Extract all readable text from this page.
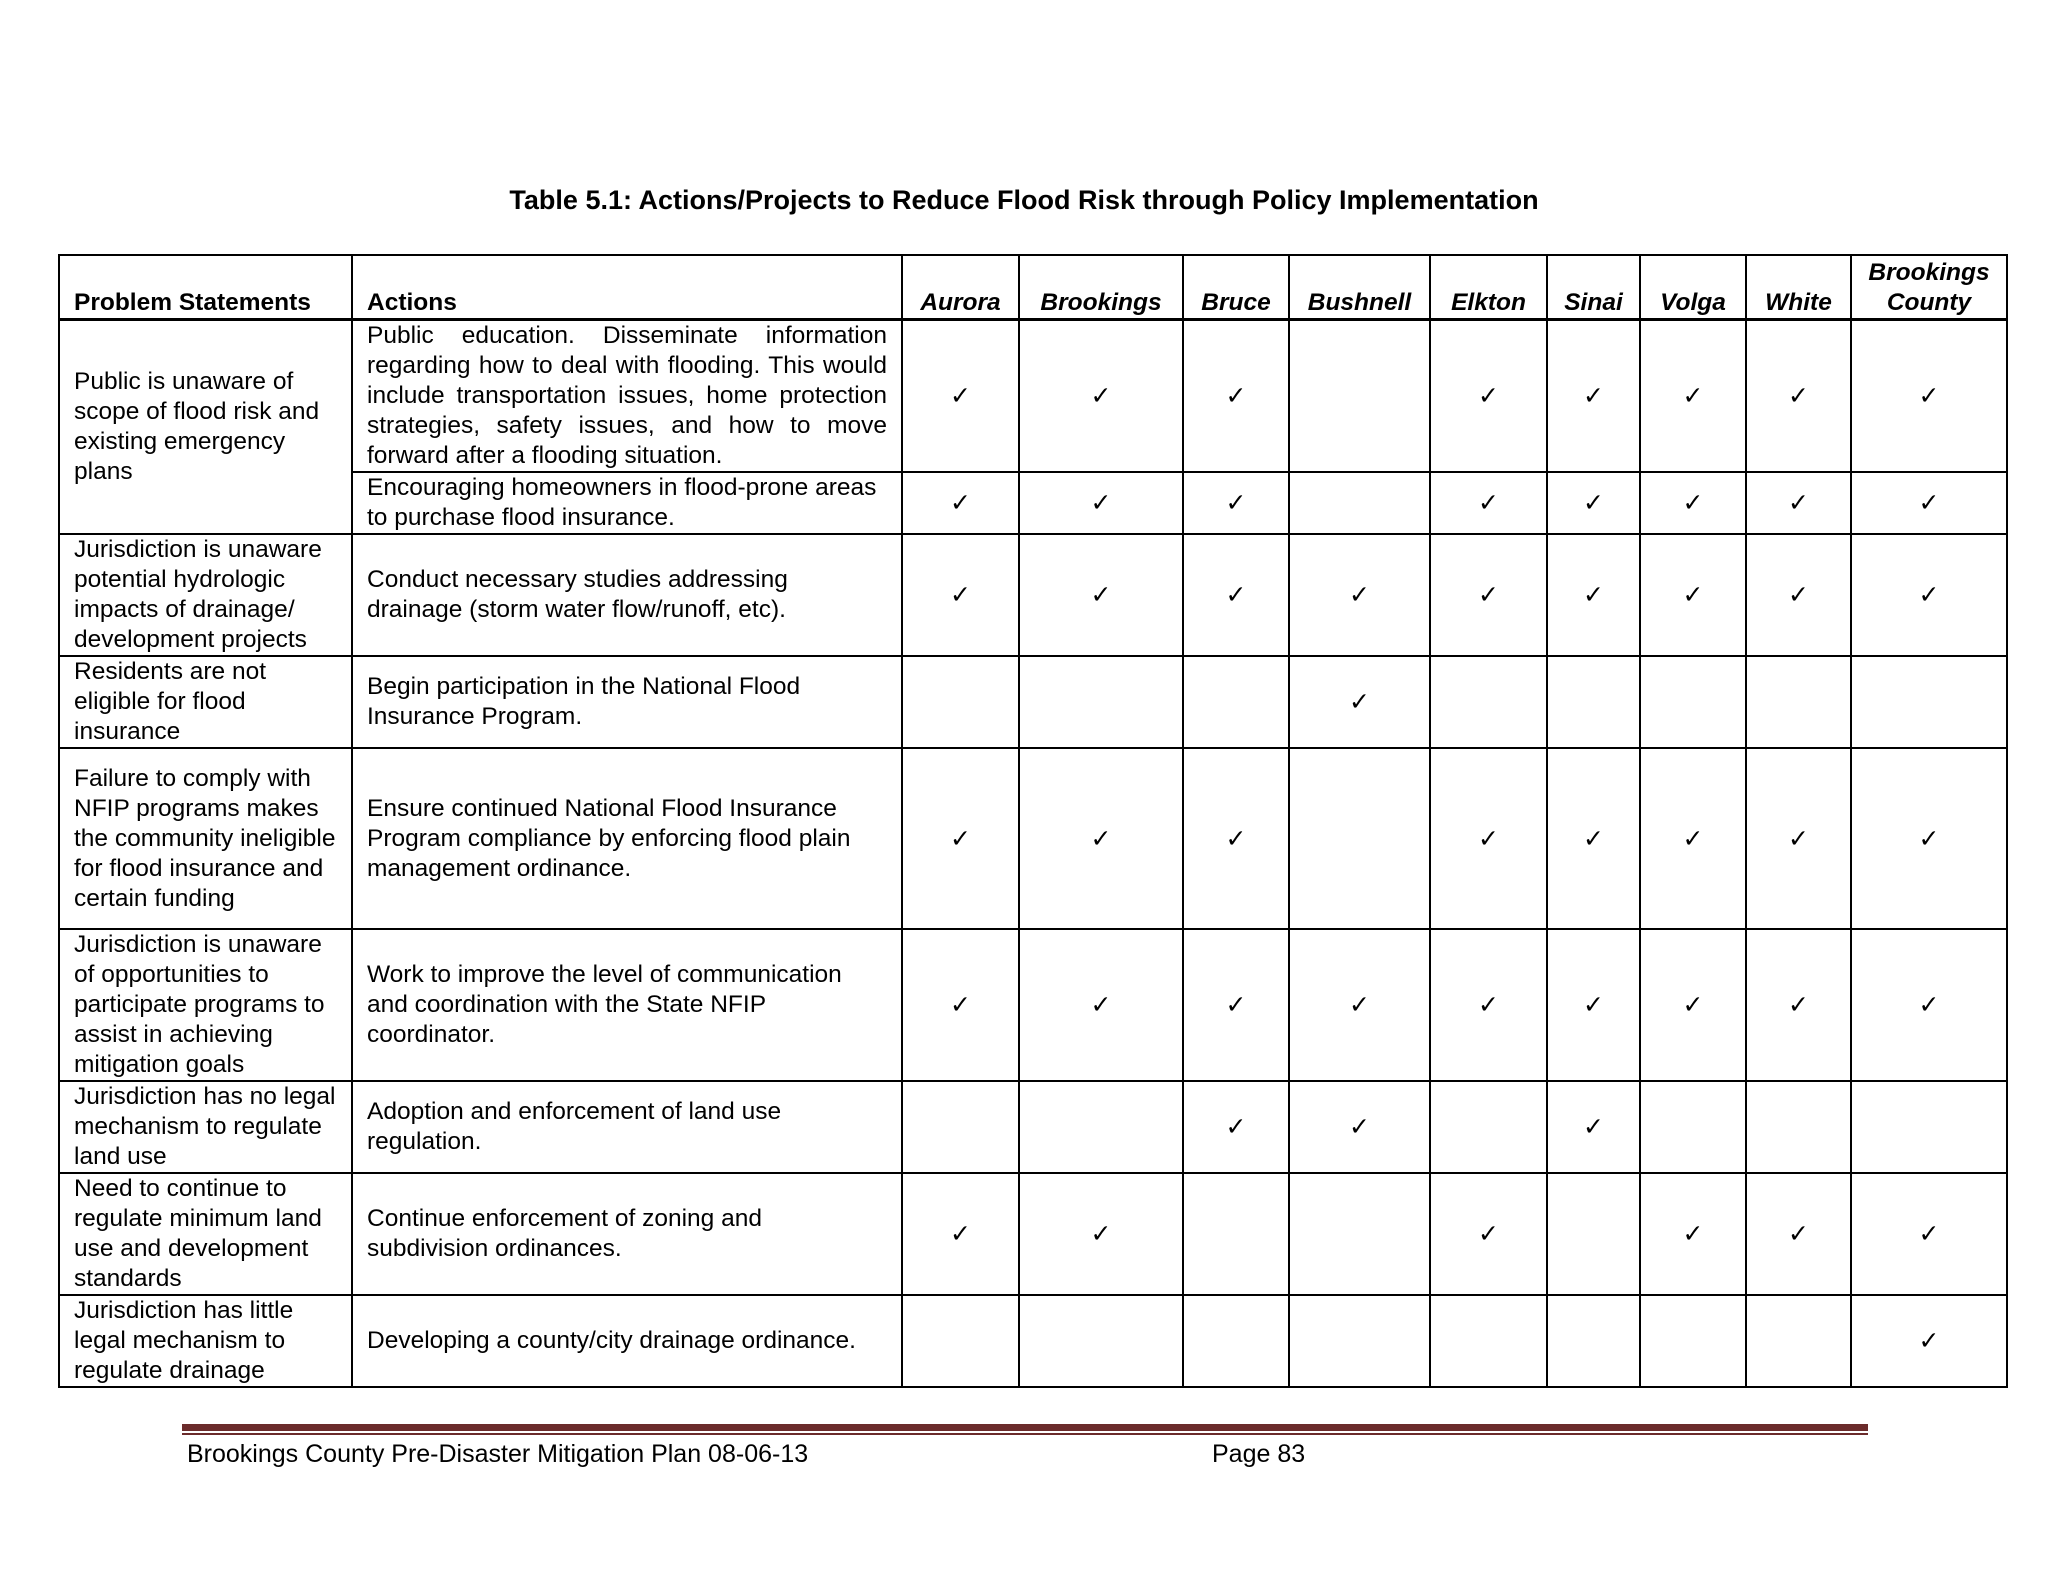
Table 5.1: Actions/Projects to Reduce Flood Risk through Policy Implementation
Problem Statements	Actions	Aurora	Brookings	Bruce	Bushnell	Elkton	Sinai	Volga	White	Brookings County
Public is unaware of scope of flood risk and existing emergency plans	Public education. Disseminate information regarding how to deal with flooding. This would include transportation issues, home protection strategies, safety issues, and how to move forward after a flooding situation.	✓	✓	✓		✓	✓	✓	✓	✓
	Encouraging homeowners in flood-prone areas to purchase flood insurance.	✓	✓	✓		✓	✓	✓	✓	✓
Jurisdiction is unaware potential hydrologic impacts of drainage/ development projects	Conduct necessary studies addressing drainage (storm water flow/runoff, etc).	✓	✓	✓	✓	✓	✓	✓	✓	✓
Residents are not eligible for flood insurance	Begin participation in the National Flood Insurance Program.				✓					
Failure to comply with NFIP programs makes the community ineligible for flood insurance and certain funding	Ensure continued National Flood Insurance Program compliance by enforcing flood plain management ordinance.	✓	✓	✓		✓	✓	✓	✓	✓
Jurisdiction is unaware of opportunities to participate programs to assist in achieving mitigation goals	Work to improve the level of communication and coordination with the State NFIP coordinator.	✓	✓	✓	✓	✓	✓	✓	✓	✓
Jurisdiction has no legal mechanism to regulate land use	Adoption and enforcement of land use regulation.			✓	✓		✓			
Need to continue to regulate minimum land use and development standards	Continue enforcement of zoning and subdivision ordinances.	✓	✓			✓		✓	✓	✓
Jurisdiction has little legal mechanism to regulate drainage	Developing a county/city drainage ordinance.									✓
Brookings County Pre-Disaster Mitigation Plan 08-06-13	Page 83
